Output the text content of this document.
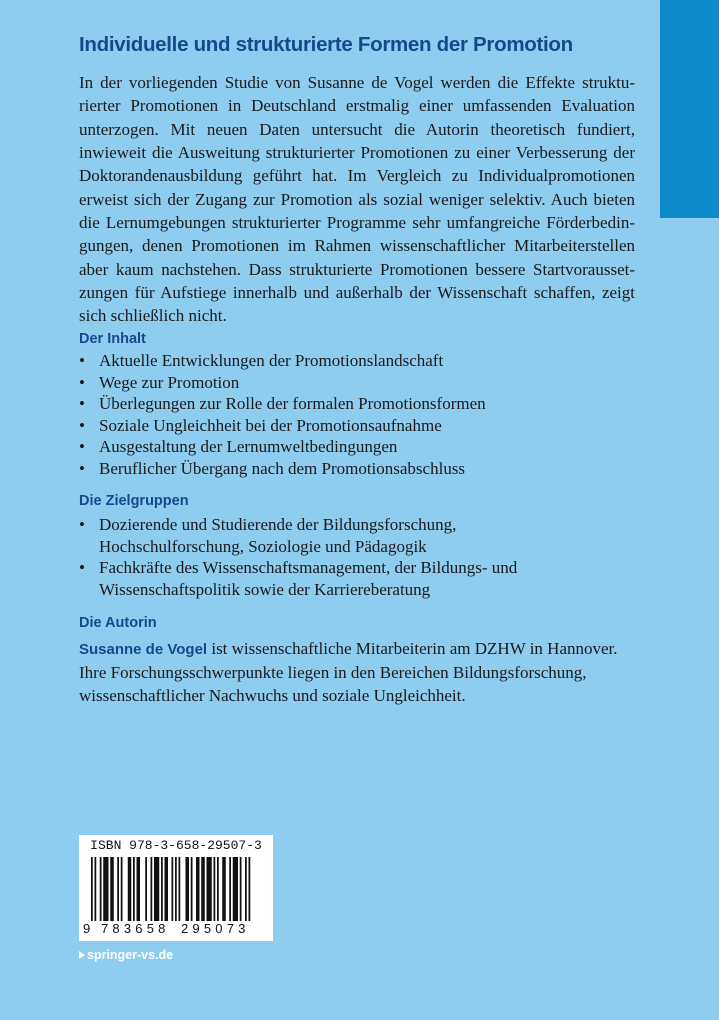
Individuelle und strukturierte Formen der Promotion

In der vorliegenden Studie von Susanne de Vogel werden die Effekte struktu-
rierter Promotionen in Deutschland erstmalig einer umfassenden Evaluation
unterzogen. Mit neuen Daten untersucht die Autorin theoretisch fundiert,
inwieweit die Ausweitung strukturierter Promotionen zu einer Verbesserung der
Doktorandenausbildung geführt hat. Im Vergleich zu Individualpromotionen
erweist sich der Zugang zur Promotion als sozial weniger selektiv. Auch bieten
die Lernumgebungen strukturierter Programme sehr umfangreiche Förderbedin-
gungen, denen Promotionen im Rahmen wissenschaftlicher Mitarbeiterstellen
aber kaum nachstehen. Dass strukturierte Promotionen bessere Startvorausset-
zungen für Aufstiege innerhalb und außerhalb der Wissenschaft schaffen, zeigt
sich schließlich nicht.

Der Inhalt
• Aktuelle Entwicklungen der Promotionslandschaft
• Wege zur Promotion
• Überlegungen zur Rolle der formalen Promotionsformen
• Soziale Ungleichheit bei der Promotionsaufnahme
• Ausgestaltung der Lernumweltbedingungen
• Beruflicher Übergang nach dem Promotionsabschluss
Die Zielgruppen
• Dozierende und Studierende der Bildungsforschung,
Hochschulforschung, Soziologie und Pädagogik
• Fachkräfte des Wissenschaftsmanagement, der Bildungs- und
Wissenschaftspolitik sowie der Karriereberatung
Die Autorin

Susanne de Vogel ist wissenschaftliche Mitarbeiterin am DZHW in Hannover.
Ihre Forschungsschwerpunkte liegen in den Bereichen Bildungsforschung,
wissenschaftlicher Nachwuchs und soziale Ungleichheit.

ISBN 978-3-658-29507-3
9 783658 295073
springer-vs.de
